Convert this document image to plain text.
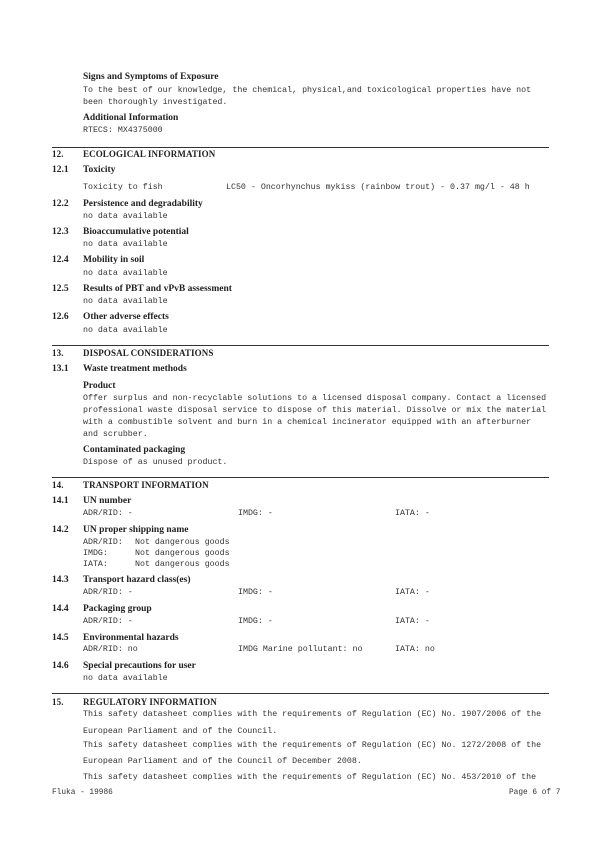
Signs and Symptoms of Exposure
To the best of our knowledge, the chemical, physical,and toxicological properties have not been thoroughly investigated.
Additional Information
RTECS: MX4375000
12. ECOLOGICAL INFORMATION
12.1 Toxicity
Toxicity to fish	LC50 - Oncorhynchus mykiss (rainbow trout) - 0.37 mg/l - 48 h
12.2 Persistence and degradability
no data available
12.3 Bioaccumulative potential
no data available
12.4 Mobility in soil
no data available
12.5 Results of PBT and vPvB assessment
no data available
12.6 Other adverse effects
no data available
13. DISPOSAL CONSIDERATIONS
13.1 Waste treatment methods
Product
Offer surplus and non-recyclable solutions to a licensed disposal company. Contact a licensed professional waste disposal service to dispose of this material. Dissolve or mix the material with a combustible solvent and burn in a chemical incinerator equipped with an afterburner and scrubber.
Contaminated packaging
Dispose of as unused product.
14. TRANSPORT INFORMATION
14.1 UN number
ADR/RID: -	IMDG: -	IATA: -
14.2 UN proper shipping name
ADR/RID: Not dangerous goods
IMDG:	Not dangerous goods
IATA:	Not dangerous goods
14.3 Transport hazard class(es)
ADR/RID: -	IMDG: -	IATA: -
14.4 Packaging group
ADR/RID: -	IMDG: -	IATA: -
14.5 Environmental hazards
ADR/RID: no	IMDG Marine pollutant: no	IATA: no
14.6 Special precautions for user
no data available
15. REGULATORY INFORMATION
This safety datasheet complies with the requirements of Regulation (EC) No. 1907/2006 of the
European Parliament and of the Council.
This safety datasheet complies with the requirements of Regulation (EC) No. 1272/2008 of the
European Parliament and of the Council of December 2008.
This safety datasheet complies with the requirements of Regulation (EC) No. 453/2010 of the
Fluka - 19986	Page 6 of 7
